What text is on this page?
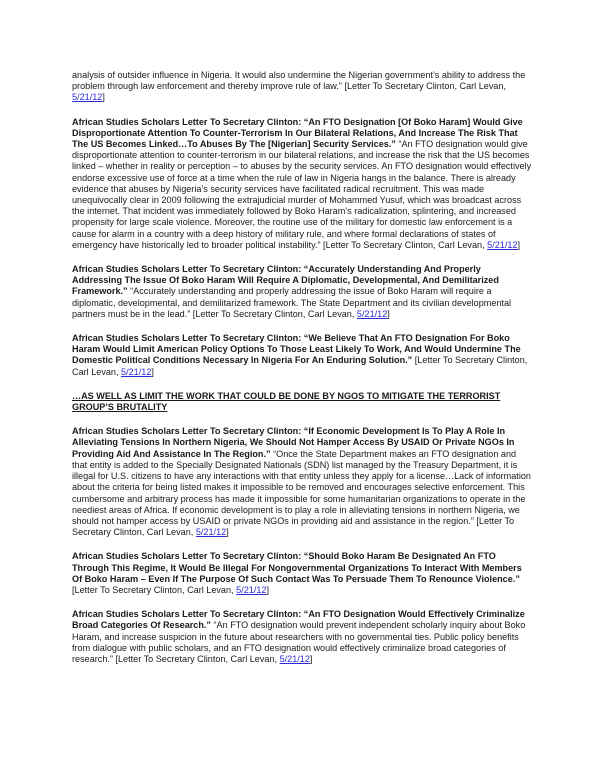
analysis of outsider influence in Nigeria. It would also undermine the Nigerian government’s ability to address the problem through law enforcement and thereby improve rule of law.” [Letter To Secretary Clinton, Carl Levan, 5/21/12]

African Studies Scholars Letter To Secretary Clinton: “An FTO Designation [Of Boko Haram] Would Give Disproportionate Attention To Counter-Terrorism In Our Bilateral Relations, And Increase The Risk That The US Becomes Linked…To Abuses By The [Nigerian] Security Services.” “An FTO designation would give disproportionate attention to counter-terrorism in our bilateral relations, and increase the risk that the US becomes linked – whether in reality or perception – to abuses by the security services. An FTO designation would effectively endorse excessive use of force at a time when the rule of law in Nigeria hangs in the balance. There is already evidence that abuses by Nigeria’s security services have facilitated radical recruitment. This was made unequivocally clear in 2009 following the extrajudicial murder of Mohammed Yusuf, which was broadcast across the internet. That incident was immediately followed by Boko Haram’s radicalization, splintering, and increased propensity for large scale violence. Moreover, the routine use of the military for domestic law enforcement is a cause for alarm in a country with a deep history of military rule, and where formal declarations of states of emergency have historically led to broader political instability.” [Letter To Secretary Clinton, Carl Levan, 5/21/12]

African Studies Scholars Letter To Secretary Clinton: “Accurately Understanding And Properly Addressing The Issue Of Boko Haram Will Require A Diplomatic, Developmental, And Demilitarized Framework.” “Accurately understanding and properly addressing the issue of Boko Haram will require a diplomatic, developmental, and demilitarized framework. The State Department and its civilian developmental partners must be in the lead.” [Letter To Secretary Clinton, Carl Levan, 5/21/12]

African Studies Scholars Letter To Secretary Clinton: “We Believe That An FTO Designation For Boko Haram Would Limit American Policy Options To Those Least Likely To Work, And Would Undermine The Domestic Political Conditions Necessary In Nigeria For An Enduring Solution.” [Letter To Secretary Clinton, Carl Levan, 5/21/12]

…AS WELL AS LIMIT THE WORK THAT COULD BE DONE BY NGOS TO MITIGATE THE TERRORIST GROUP’S BRUTALITY

African Studies Scholars Letter To Secretary Clinton: “If Economic Development Is To Play A Role In Alleviating Tensions In Northern Nigeria, We Should Not Hamper Access By USAID Or Private NGOs In Providing Aid And Assistance In The Region.” “Once the State Department makes an FTO designation and that entity is added to the Specially Designated Nationals (SDN) list managed by the Treasury Department, it is illegal for U.S. citizens to have any interactions with that entity unless they apply for a license…Lack of information about the criteria for being listed makes it impossible to be removed and encourages selective enforcement. This cumbersome and arbitrary process has made it impossible for some humanitarian organizations to operate in the neediest areas of Africa. If economic development is to play a role in alleviating tensions in northern Nigeria, we should not hamper access by USAID or private NGOs in providing aid and assistance in the region.” [Letter To Secretary Clinton, Carl Levan, 5/21/12]

African Studies Scholars Letter To Secretary Clinton: “Should Boko Haram Be Designated An FTO Through This Regime, It Would Be Illegal For Nongovernmental Organizations To Interact With Members Of Boko Haram – Even If The Purpose Of Such Contact Was To Persuade Them To Renounce Violence.” [Letter To Secretary Clinton, Carl Levan, 5/21/12]

African Studies Scholars Letter To Secretary Clinton: “An FTO Designation Would Effectively Criminalize Broad Categories Of Research.” “An FTO designation would prevent independent scholarly inquiry about Boko Haram, and increase suspicion in the future about researchers with no governmental ties. Public policy benefits from dialogue with public scholars, and an FTO designation would effectively criminalize broad categories of research.” [Letter To Secretary Clinton, Carl Levan, 5/21/12]
